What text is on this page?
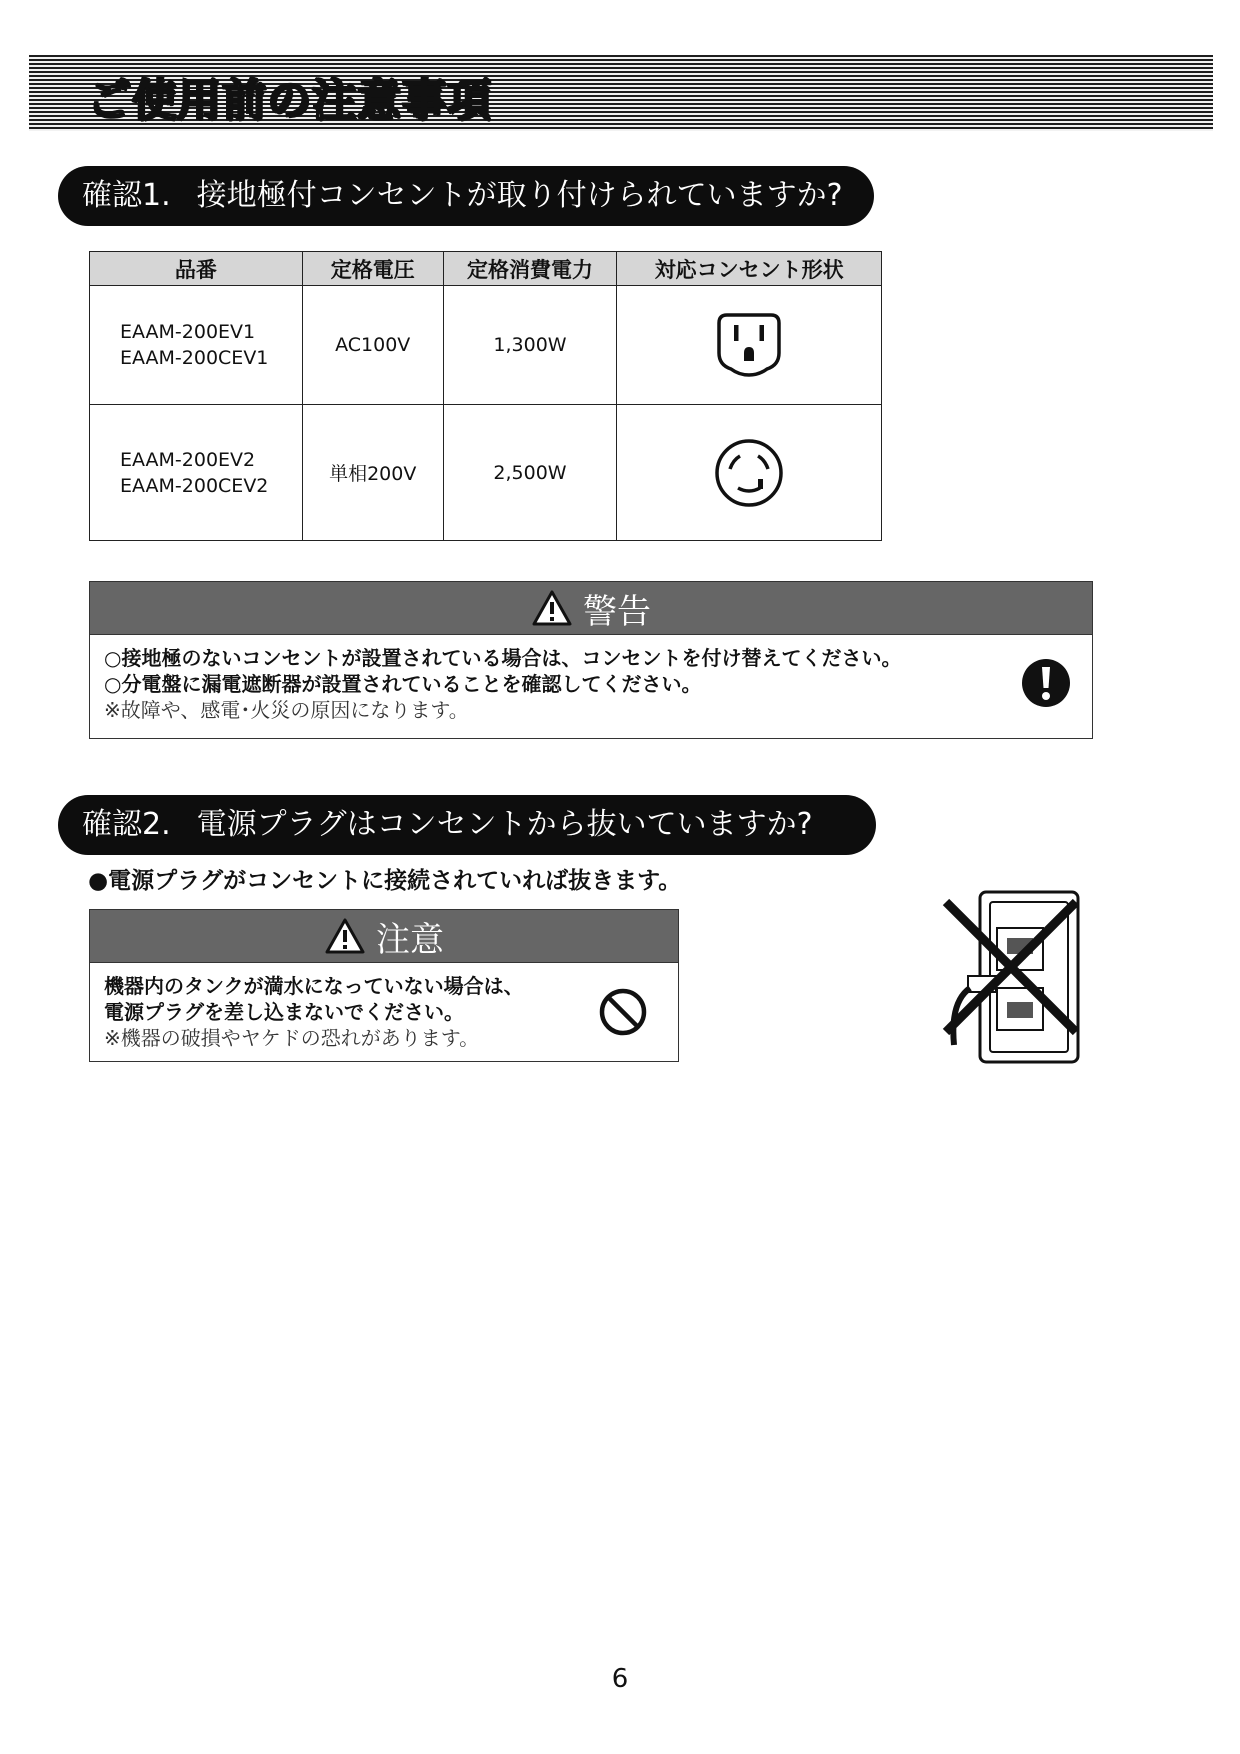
ご使用前の注意事項
確認1. 接地極付コンセントが取り付けられていますか?
品番	定格電圧	定格消費電力	対応コンセント形状

EAAM-200EV1
EAAM-200CEV1	AC100V	1,300W	

EAAM-200EV2
EAAM-200CEV2	単相200V	2,500W	
警告
○接地極のないコンセントが設置されている場合は、コンセントを付け替えてください。
○分電盤に漏電遮断器が設置されていることを確認してください。
※故障や、感電･火災の原因になります。
確認2. 電源プラグはコンセントから抜いていますか?
●電源プラグがコンセントに接続されていれば抜きます。
注意
機器内のタンクが満水になっていない場合は、
電源プラグを差し込まないでください。
※機器の破損やヤケドの恐れがあります。
6
